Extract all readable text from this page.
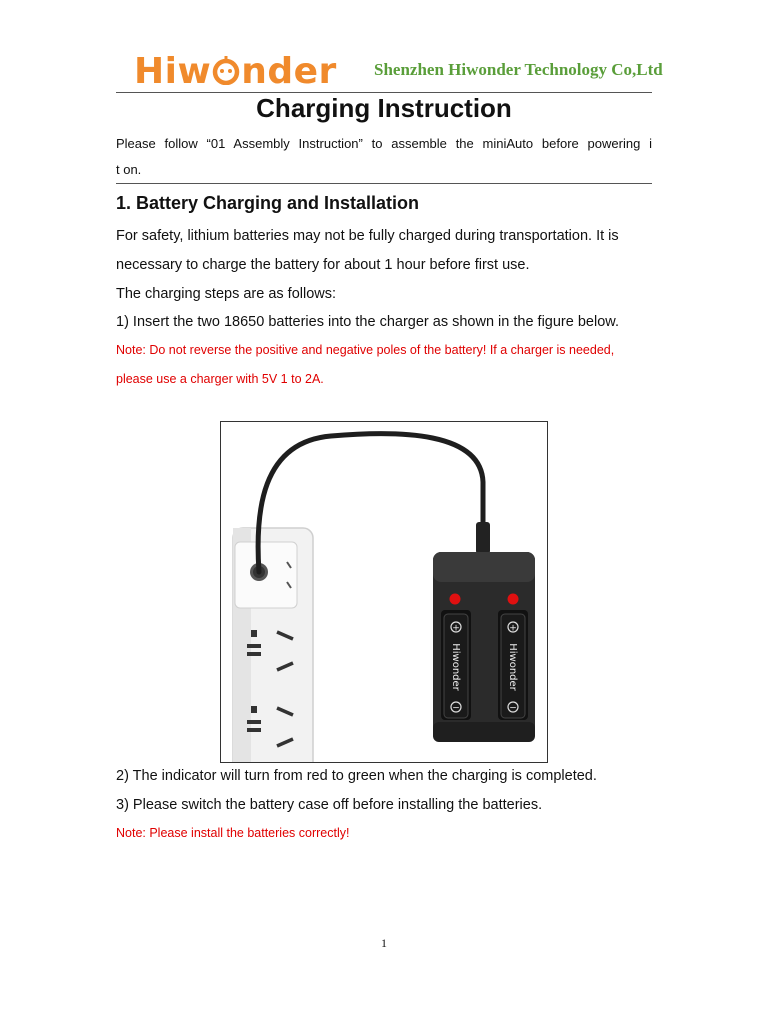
Hiw nder Shenzhen Hiwonder Technology Co,Ltd
Charging Instruction
Please follow “01 Assembly Instruction” to assemble the miniAuto before powering i
t on.
1. Battery Charging and Installation
For safety, lithium batteries may not be fully charged during transportation. It is
necessary to charge the battery for about 1 hour before first use.
The charging steps are as follows:
1) Insert the two 18650 batteries into the charger as shown in the figure below.
Note: Do not reverse the positive and negative poles of the battery! If a charger is needed,
please use a charger with 5V 1 to 2A.
+
−
+
−
Hiwonder	Hiwonder
2) The indicator will turn from red to green when the charging is completed.
3) Please switch the battery case off before installing the batteries.
Note: Please install the batteries correctly!
1
